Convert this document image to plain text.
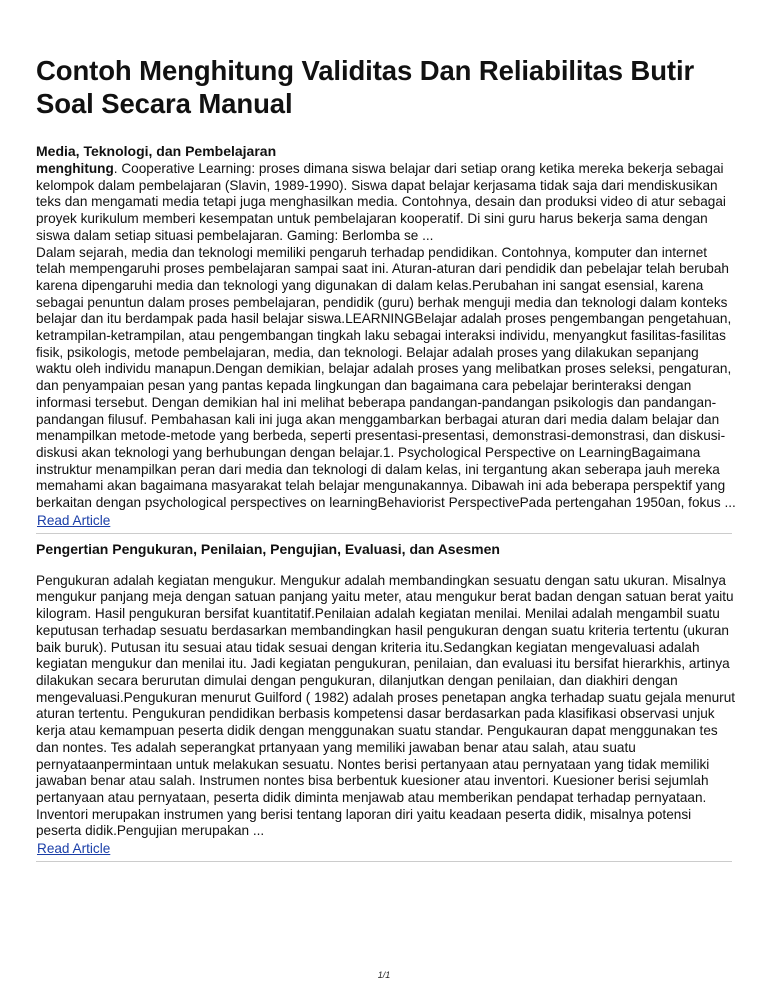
Contoh Menghitung Validitas Dan Reliabilitas Butir Soal Secara Manual
Media, Teknologi, dan Pembelajaran

menghitung. Cooperative Learning: proses dimana siswa belajar dari setiap orang ketika mereka bekerja sebagai kelompok dalam pembelajaran (Slavin, 1989-1990). Siswa dapat belajar kerjasama tidak saja dari mendiskusikan teks dan mengamati media tetapi juga menghasilkan media. Contohnya, desain dan produksi video di atur sebagai proyek kurikulum memberi kesempatan untuk pembelajaran kooperatif. Di sini guru harus bekerja sama dengan siswa dalam setiap situasi pembelajaran. Gaming: Berlomba se ...

Dalam sejarah, media dan teknologi memiliki pengaruh terhadap pendidikan. Contohnya, komputer dan internet telah mempengaruhi proses pembelajaran sampai saat ini. Aturan-aturan dari pendidik dan pebelajar telah berubah karena dipengaruhi media dan teknologi yang digunakan di dalam kelas.Perubahan ini sangat esensial, karena sebagai penuntun dalam proses pembelajaran, pendidik (guru) berhak menguji media dan teknologi dalam konteks belajar dan itu berdampak pada hasil belajar siswa.LEARNINGBelajar adalah proses pengembangan pengetahuan, ketrampilan-ketrampilan, atau pengembangan tingkah laku sebagai interaksi individu, menyangkut fasilitas-fasilitas fisik, psikologis, metode pembelajaran, media, dan teknologi. Belajar adalah proses yang dilakukan sepanjang waktu oleh individu manapun.Dengan demikian, belajar adalah proses yang melibatkan proses seleksi, pengaturan, dan penyampaian pesan yang pantas kepada lingkungan dan bagaimana cara pebelajar berinteraksi dengan informasi tersebut. Dengan demikian hal ini melihat beberapa pandangan-pandangan psikologis dan pandangan-pandangan filusuf. Pembahasan kali ini juga akan menggambarkan berbagai aturan dari media dalam belajar dan menampilkan metode-metode yang berbeda, seperti presentasi-presentasi, demonstrasi-demonstrasi, dan diskusi-diskusi akan teknologi yang berhubungan dengan belajar.1. Psychological Perspective on LearningBagaimana instruktur menampilkan peran dari media dan teknologi di dalam kelas, ini tergantung akan seberapa jauh mereka memahami akan bagaimana masyarakat telah belajar mengunakannya. Dibawah ini ada beberapa perspektif yang berkaitan dengan psychological perspectives on learningBehaviorist PerspectivePada pertengahan 1950an, fokus ...

Read Article
Pengertian Pengukuran, Penilaian, Pengujian, Evaluasi, dan Asesmen

Pengukuran adalah kegiatan mengukur. Mengukur adalah membandingkan sesuatu dengan satu ukuran. Misalnya mengukur panjang meja dengan satuan panjang yaitu meter, atau mengukur berat badan dengan satuan berat yaitu kilogram. Hasil pengukuran bersifat kuantitatif.Penilaian adalah kegiatan menilai. Menilai adalah mengambil suatu keputusan terhadap sesuatu berdasarkan membandingkan hasil pengukuran dengan suatu kriteria tertentu (ukuran baik buruk). Putusan itu sesuai atau tidak sesuai dengan kriteria itu.Sedangkan kegiatan mengevaluasi adalah kegiatan mengukur dan menilai itu. Jadi kegiatan pengukuran, penilaian, dan evaluasi itu bersifat hierarkhis, artinya dilakukan secara berurutan dimulai dengan pengukuran, dilanjutkan dengan penilaian, dan diakhiri dengan mengevaluasi.Pengukuran menurut Guilford ( 1982) adalah proses penetapan angka terhadap suatu gejala menurut aturan tertentu. Pengukuran pendidikan berbasis kompetensi dasar berdasarkan pada klasifikasi observasi unjuk kerja atau kemampuan peserta didik dengan menggunakan suatu standar. Pengukauran dapat menggunakan tes dan nontes. Tes adalah seperangkat prtanyaan yang memiliki jawaban benar atau salah, atau suatu pernyataanpermintaan untuk melakukan sesuatu. Nontes berisi pertanyaan atau pernyataan yang tidak memiliki jawaban benar atau salah. Instrumen nontes bisa berbentuk kuesioner atau inventori. Kuesioner berisi sejumlah pertanyaan atau pernyataan, peserta didik diminta menjawab atau memberikan pendapat terhadap pernyataan. Inventori merupakan instrumen yang berisi tentang laporan diri yaitu keadaan peserta didik, misalnya potensi peserta didik.Pengujian merupakan ...

Read Article
1/1
